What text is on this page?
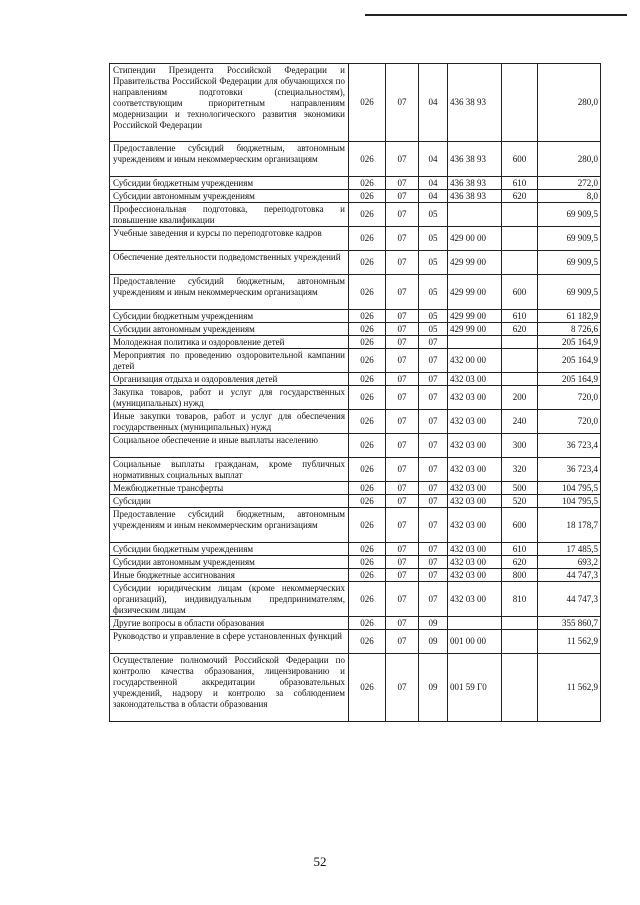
Стипендии Президента Российской Федерации и Правительства Российской Федерации для обучающихся по направлениям подготовки (специальностям), соответствующим приоритетным направлениям модернизации и технологического развития экономики Российской Федерации	026	07	04	436 38 93		280,0
Предоставление субсидий бюджетным, автономным учреждениям и иным некоммерческим организациям	026	07	04	436 38 93	600	280,0
Субсидии бюджетным учреждениям	026	07	04	436 38 93	610	272,0
Субсидии автономным учреждениям	026	07	04	436 38 93	620	8,0
Профессиональная подготовка, переподготовка и повышение квалификации	026	07	05			69 909,5
Учебные заведения и курсы по переподготовке кадров	026	07	05	429 00 00		69 909,5
Обеспечение деятельности подведомственных учреждений	026	07	05	429 99 00		69 909,5
Предоставление субсидий бюджетным, автономным учреждениям и иным некоммерческим организациям	026	07	05	429 99 00	600	69 909,5
Субсидии бюджетным учреждениям	026	07	05	429 99 00	610	61 182,9
Субсидии автономным учреждениям	026	07	05	429 99 00	620	8 726,6
Молодежная политика и оздоровление детей	026	07	07			205 164,9
Мероприятия по проведению оздоровительной кампании детей	026	07	07	432 00 00		205 164,9
Организация отдыха и оздоровления детей	026	07	07	432 03 00		205 164,9
Закупка товаров, работ и услуг для государственных (муниципальных) нужд	026	07	07	432 03 00	200	720,0
Иные закупки товаров, работ и услуг для обеспечения государственных (муниципальных) нужд	026	07	07	432 03 00	240	720,0
Социальное обеспечение и иные выплаты населению	026	07	07	432 03 00	300	36 723,4
Социальные выплаты гражданам, кроме публичных нормативных социальных выплат	026	07	07	432 03 00	320	36 723,4
Межбюджетные трансферты	026	07	07	432 03 00	500	104 795,5
Субсидии	026	07	07	432 03 00	520	104 795,5
Предоставление субсидий бюджетным, автономным учреждениям и иным некоммерческим организациям	026	07	07	432 03 00	600	18 178,7
Субсидии бюджетным учреждениям	026	07	07	432 03 00	610	17 485,5
Субсидии автономным учреждениям	026	07	07	432 03 00	620	693,2
Иные бюджетные ассигнования	026	07	07	432 03 00	800	44 747,3
Субсидии юридическим лицам (кроме некоммерческих организаций), индивидуальным предпринимателям, физическим лицам	026	07	07	432 03 00	810	44 747,3
Другие вопросы в области образования	026	07	09			355 860,7
Руководство и управление в сфере установленных функций	026	07	09	001 00 00		11 562,9
Осуществление полномочий Российской Федерации по контролю качества образования, лицензированию и государственной аккредитации образовательных учреждений, надзору и контролю за соблюдением законодательства в области образования	026	07	09	001 59 Г0		11 562,9
52
